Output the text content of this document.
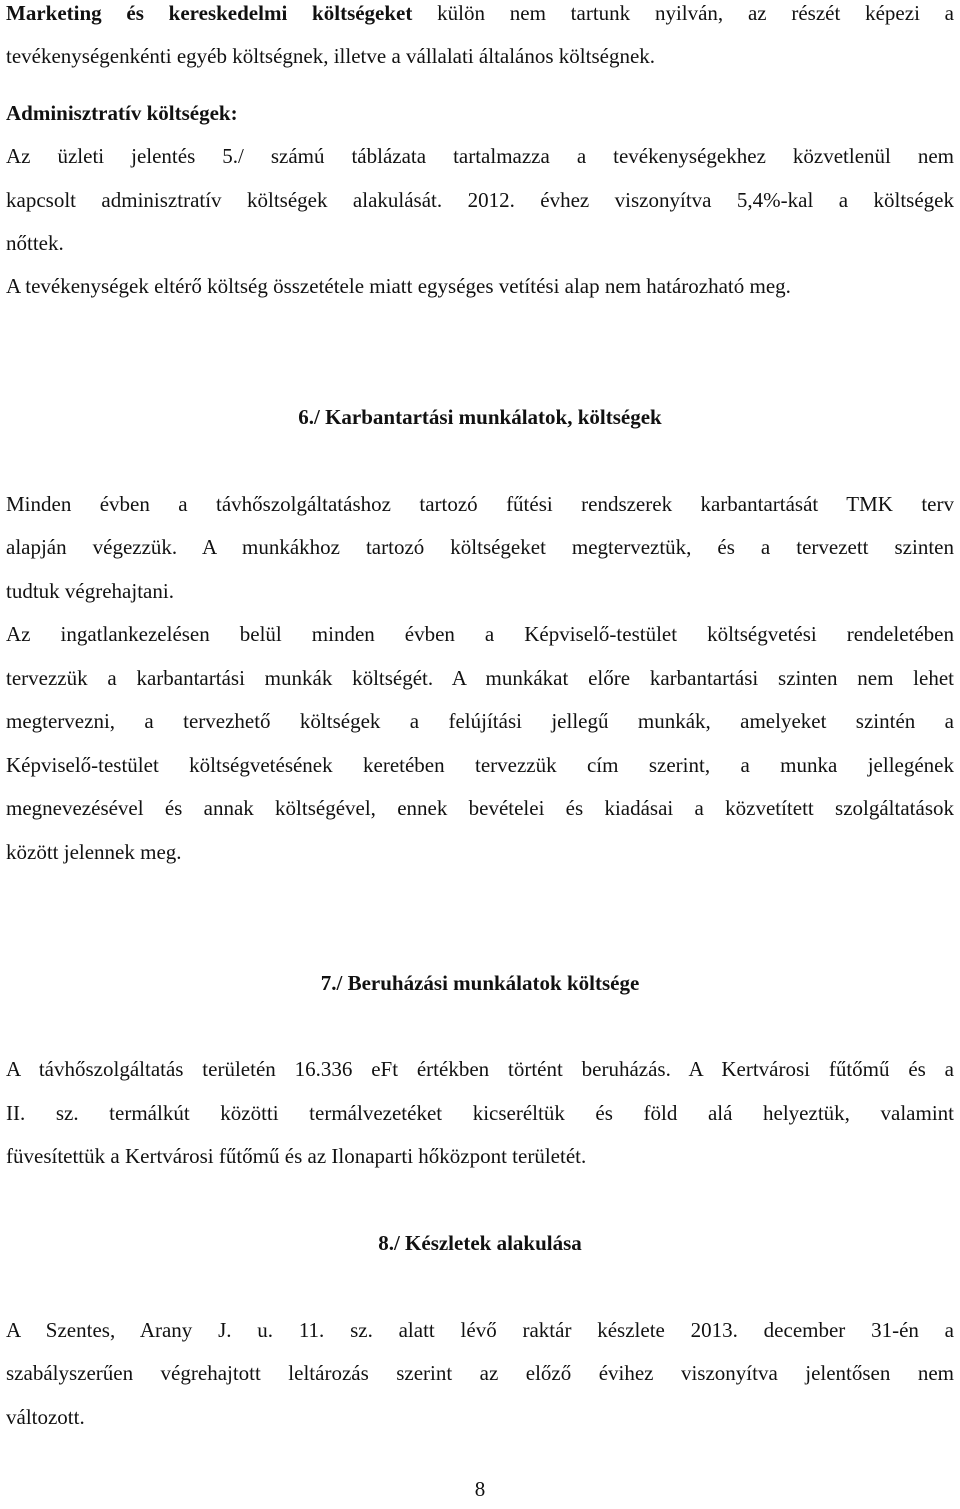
Marketing és kereskedelmi költségeket külön nem tartunk nyilván, az részét képezi a
tevékenységenkénti egyéb költségnek, illetve a vállalati általános költségnek.
Adminisztratív költségek:
Az üzleti jelentés 5./ számú táblázata tartalmazza a tevékenységekhez közvetlenül nem
kapcsolt adminisztratív költségek alakulását. 2012. évhez viszonyítva 5,4%-kal a költségek
nőttek.
A tevékenységek eltérő költség összetétele miatt egységes vetítési alap nem határozható meg.
6./ Karbantartási munkálatok, költségek
Minden évben a távhőszolgáltatáshoz tartozó fűtési rendszerek karbantartását TMK terv
alapján végezzük. A munkákhoz tartozó költségeket megterveztük, és a tervezett szinten
tudtuk végrehajtani.
Az ingatlankezelésen belül minden évben a Képviselő-testület költségvetési rendeletében
tervezzük a karbantartási munkák költségét. A munkákat előre karbantartási szinten nem lehet
megtervezni, a tervezhető költségek a felújítási jellegű munkák, amelyeket szintén a
Képviselő-testület költségvetésének keretében tervezzük cím szerint, a munka jellegének
megnevezésével és annak költségével, ennek bevételei és kiadásai a közvetített szolgáltatások
között jelennek meg.
7./ Beruházási munkálatok költsége
A távhőszolgáltatás területén 16.336 eFt értékben történt beruházás. A Kertvárosi fűtőmű és a
II. sz. termálkút közötti termálvezetéket kicseréltük és föld alá helyeztük, valamint
füvesítettük a Kertvárosi fűtőmű és az Ilonaparti hőközpont területét.
8./ Készletek alakulása
A Szentes, Arany J. u. 11. sz. alatt lévő raktár készlete 2013. december 31-én a
szabályszerűen végrehajtott leltározás szerint az előző évihez viszonyítva jelentősen nem
változott.
8
